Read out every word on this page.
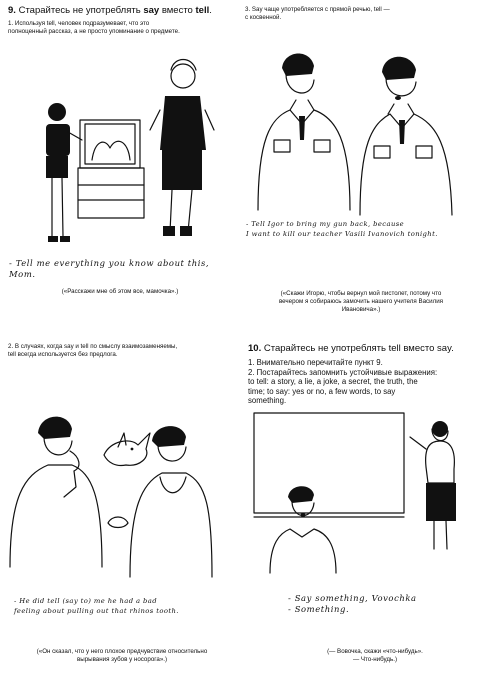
9. Старайтесь не употреблять say вместо tell.
1. Используя tell, человек подразумевает, что это
полноценный рассказ, а не просто упоминание о предмете.
- Tell me everything you know about this, Mom.
(«Расскажи мне об этом все, мамочка».)
3. Say чаще употребляется с прямой речью, tell —
с косвенной.
- Tell Igor to bring my gun back, because
I want to kill our teacher Vasili Ivanovich tonight.
(«Скажи Игорю, чтобы вернул мой пистолет, потому что
вечером я собираюсь замочить нашего учителя Василия
Ивановича».)
2. В случаях, когда say и tell по смыслу взаимозаменяемы,
tell всегда используется без предлога.
- He did tell (say to) me he had a bad
feeling about pulling out that rhinos tooth.
(«Он сказал, что у него плохое предчувствие относительно
вырывания зубов у носорога».)
10. Старайтесь не употреблять tell вместо say.
1. Внимательно перечитайте пункт 9.
2. Постарайтесь запомнить устойчивые выражения:
to tell: a story, a lie, a joke, a secret, the truth, the
time; to say: yes or no, a few words, to say
something.
- Say something, Vovochka
- Something.
(— Вовочка, скажи «что-нибудь».
— Что-нибудь.)
